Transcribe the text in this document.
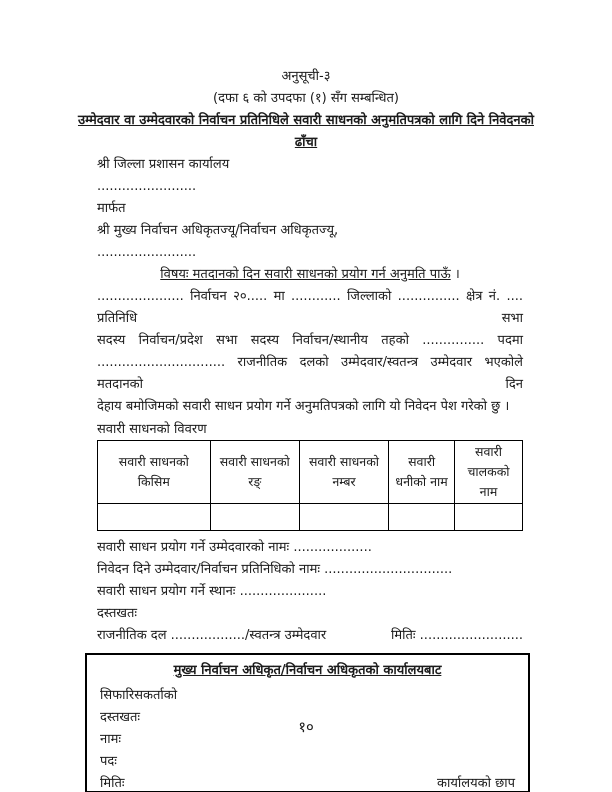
अनुसूची-३
(दफा ६ को उपदफा (१) सँग सम्बन्धित)
उम्मेदवार वा उम्मेदवारको निर्वाचन प्रतिनिधिले सवारी साधनको अनुमतिपत्रको लागि दिने निवेदनको
ढाँचा
श्री जिल्ला प्रशासन कार्यालय
........................
मार्फत
श्री मुख्य निर्वाचन अधिकृतज्यू/निर्वाचन अधिकृतज्यू,
........................
विषयः मतदानको दिन सवारी साधनको प्रयोग गर्न अनुमति पाऊँ ।
..................... निर्वाचन २०..... मा ............ जिल्लाको ............... क्षेत्र नं. .... प्रतिनिधि सभा
सदस्य निर्वाचन/प्रदेश सभा सदस्य निर्वाचन/स्थानीय तहको ............... पदमा
............................... राजनीतिक दलको उम्मेदवार/स्वतन्त्र उम्मेदवार भएकोले मतदानको दिन
देहाय बमोजिमको सवारी साधन प्रयोग गर्ने अनुमतिपत्रको लागि यो निवेदन पेश गरेको छु ।
सवारी साधनको विवरण
सवारी साधनको किसिम	सवारी साधनको रङ्	सवारी साधनको नम्बर	सवारी धनीको नाम	सवारी चालकको नाम

सवारी साधन प्रयोग गर्ने उम्मेदवारको नामः ...................
निवेदन दिने उम्मेदवार/निर्वाचन प्रतिनिधिको नामः ...............................
सवारी साधन प्रयोग गर्ने स्थानः .....................
दस्तखतः
राजनीतिक दल ................../स्वतन्त्र उम्मेदवार	मितिः .........................
मुख्य निर्वाचन अधिकृत/निर्वाचन अधिकृतको कार्यालयबाट
सिफारिसकर्ताको
दस्तखतः
नामः
पदः
मितिः	कार्यालयको छाप
१०
